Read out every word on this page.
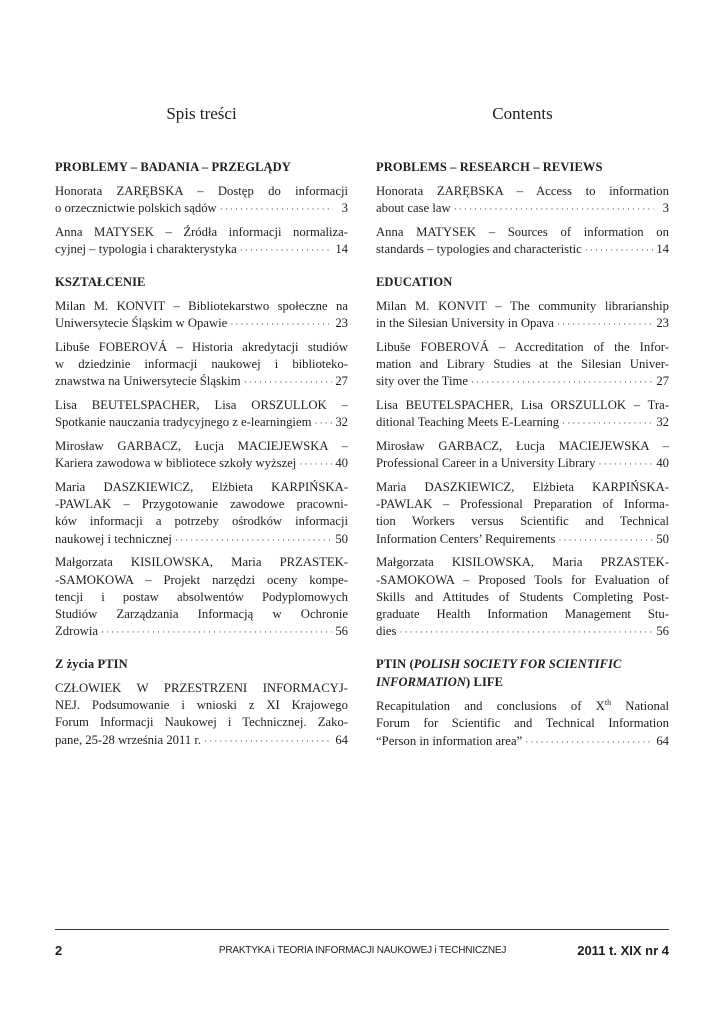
Spis treści
PROBLEMY – BADANIA – PRZEGLĄDY
Honorata ZARĘBSKA – Dostęp do informacji
o orzecznictwie polskich sądów ·····	3
Anna MATYSEK – Źródła informacji normaliza-
cyjnej – typologia i charakterystyka ·····	14
KSZTAŁCENIE
Milan M. KONVIT – Bibliotekarstwo społeczne na
Uniwersytecie Śląskim w Opawie ·····	23
Libuše FOBEROVÁ – Historia akredytacji studiów
w dziedzinie informacji naukowej i biblioteko-
znawstwa na Uniwersytecie Śląskim ·····	27
Lisa BEUTELSPACHER, Lisa ORSZULLOK –
Spotkanie nauczania tradycyjnego z e-learningiem ····· 32
Mirosław GARBACZ, Łucja MACIEJEWSKA –
Kariera zawodowa w bibliotece szkoły wyższej ·····	40
Maria DASZKIEWICZ, Elżbieta KARPIŃSKA-
-PAWLAK – Przygotowanie zawodowe pracowni-
ków informacji a potrzeby ośrodków informacji
naukowej i technicznej ·····	50
Małgorzata KISILOWSKA, Maria PRZASTEK-
-SAMOKOWA – Projekt narzędzi oceny kompe-
tencji i postaw absolwentów Podyplomowych
Studiów Zarządzania Informacją w Ochronie
Zdrowia ·····	56
Z życia PTIN
CZŁOWIEK W PRZESTRZENI INFORMACYJ-
NEJ. Podsumowanie i wnioski z XI Krajowego
Forum Informacji Naukowej i Technicznej. Zako-
pane, 25-28 września 2011 r. ·····	64
Contents
PROBLEMS – RESEARCH – REVIEWS
Honorata ZARĘBSKA – Access to information
about case law ·····	3
Anna MATYSEK – Sources of information on
standards – typologies and characteristic ·····	14
EDUCATION
Milan M. KONVIT – The community librarianship
in the Silesian University in Opava ·····	23
Libuše FOBEROVÁ – Accreditation of the Infor-
mation and Library Studies at the Silesian Univer-
sity over the Time ·····	27
Lisa BEUTELSPACHER, Lisa ORSZULLOK – Tra-
ditional Teaching Meets E-Learning ·····	32
Mirosław GARBACZ, Łucja MACIEJEWSKA –
Professional Career in a University Library ·····	40
Maria DASZKIEWICZ, Elżbieta KARPIŃSKA-
-PAWLAK – Professional Preparation of Informa-
tion Workers versus Scientific and Technical
Information Centers’ Requirements ·····	50
Małgorzata KISILOWSKA, Maria PRZASTEK-
-SAMOKOWA – Proposed Tools for Evaluation of
Skills and Attitudes of Students Completing Post-
graduate Health Information Management Stu-
dies ·····	56
PTIN (POLISH SOCIETY FOR SCIENTIFIC INFORMATION) LIFE
Recapitulation and conclusions of Xth National
Forum for Scientific and Technical Information
“Person in information area” ·····	64
2	PRAKTYKA i TEORIA INFORMACJI NAUKOWEJ i TECHNICZNEJ	2011 t. XIX nr 4
